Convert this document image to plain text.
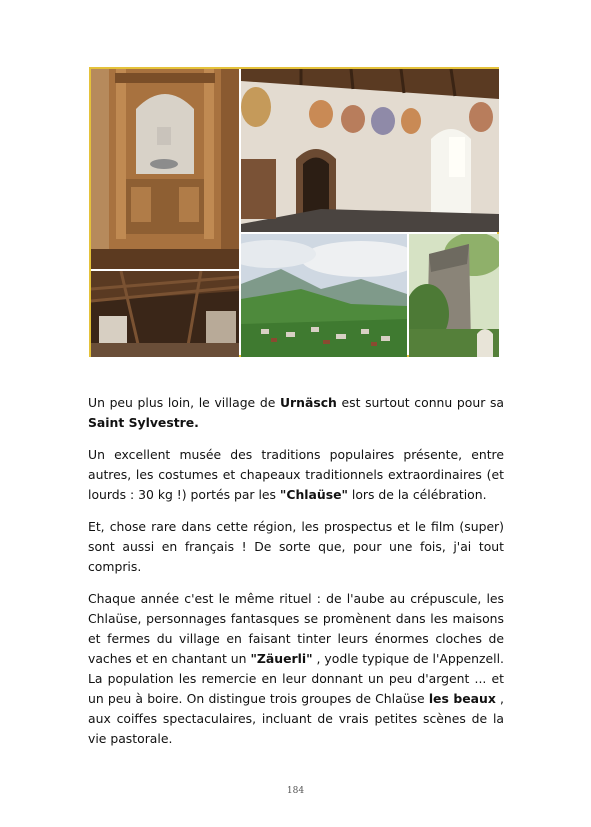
Un peu plus loin, le village de Urnäsch est surtout connu pour sa Saint Sylvestre.

Un excellent musée des traditions populaires présente, entre autres, les costumes et chapeaux traditionnels extraordinaires (et lourds : 30 kg !) portés par les "Chlaüse" lors de la célébration.

Et, chose rare dans cette région, les prospectus et le film (super) sont aussi en français ! De sorte que, pour une fois, j'ai tout compris.

Chaque année c'est le même rituel : de l'aube au crépuscule, les Chlaüse, personnages fantasques se promènent dans les maisons et fermes du village en faisant tinter leurs énormes cloches de vaches et en chantant un "Zäuerli" , yodle typique de l'Appenzell. La population les remercie en leur donnant un peu d'argent ... et un peu à boire. On distingue trois groupes de Chlaüse les beaux , aux coiffes spectaculaires, incluant de vrais petites scènes de la vie pastorale.

184
